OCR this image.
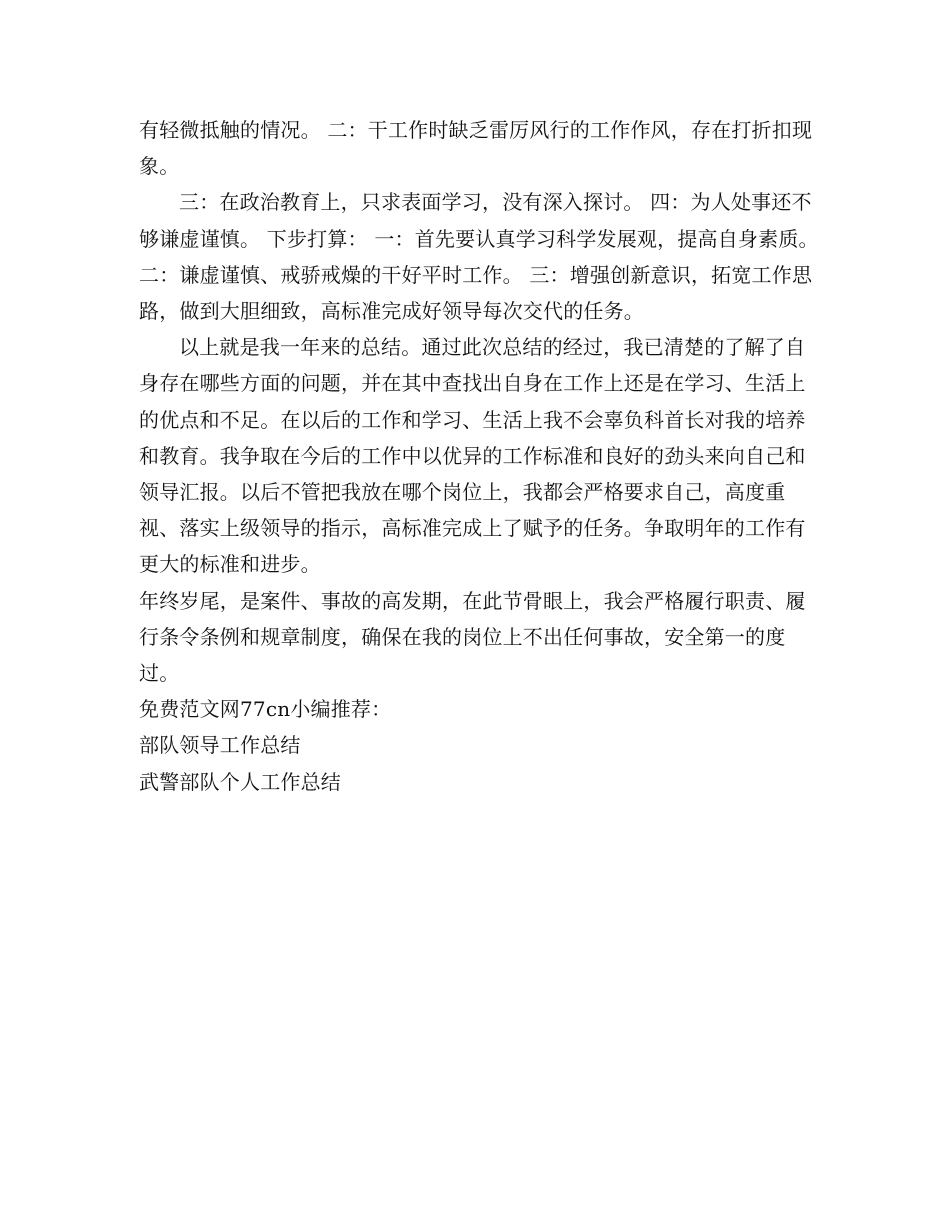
有轻微抵触的情况。 二：干工作时缺乏雷厉风行的工作作风，存在打折扣现象。

三：在政治教育上，只求表面学习，没有深入探讨。 四：为人处事还不够谦虚谨慎。 下步打算： 一：首先要认真学习科学发展观，提高自身素质。

二：谦虚谨慎、戒骄戒燥的干好平时工作。 三：增强创新意识，拓宽工作思路，做到大胆细致，高标准完成好领导每次交代的任务。

以上就是我一年来的总结。通过此次总结的经过，我已清楚的了解了自身存在哪些方面的问题，并在其中查找出自身在工作上还是在学习、生活上的优点和不足。在以后的工作和学习、生活上我不会辜负科首长对我的培养和教育。我争取在今后的工作中以优异的工作标准和良好的劲头来向自己和领导汇报。以后不管把我放在哪个岗位上，我都会严格要求自己，高度重视、落实上级领导的指示，高标准完成上了赋予的任务。争取明年的工作有更大的标准和进步。

年终岁尾，是案件、事故的高发期，在此节骨眼上，我会严格履行职责、履行条令条例和规章制度，确保在我的岗位上不出任何事故，安全第一的度过。

免费范文网77cn小编推荐：

部队领导工作总结

武警部队个人工作总结
